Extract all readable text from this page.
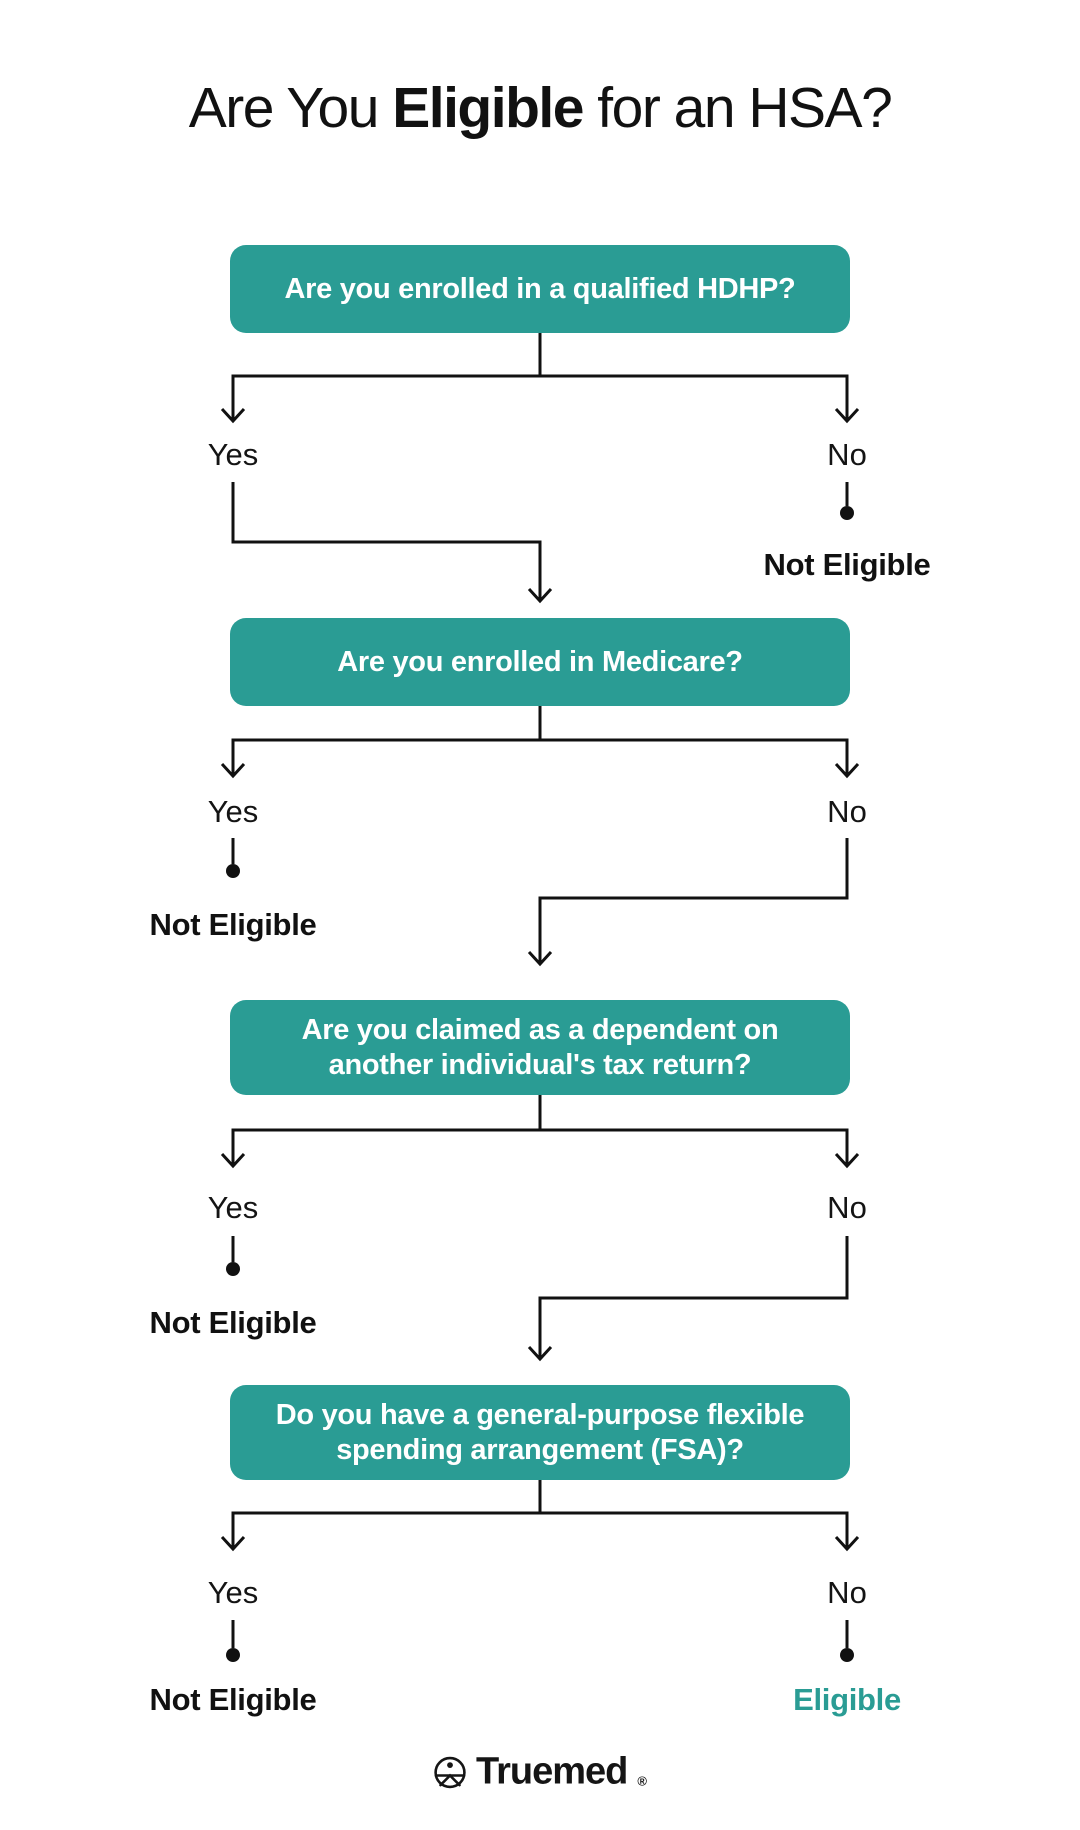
Are You Eligible for an HSA?
Are you enrolled in a qualified HDHP?
Are you enrolled in Medicare?
Are you claimed as a dependent on another individual's tax return?
Do you have a general-purpose flexible spending arrangement (FSA)?
Yes	No
Not Eligible
Yes	No
Not Eligible
Yes	No
Not Eligible
Yes	No
Not Eligible	Eligible
Truemed ®
